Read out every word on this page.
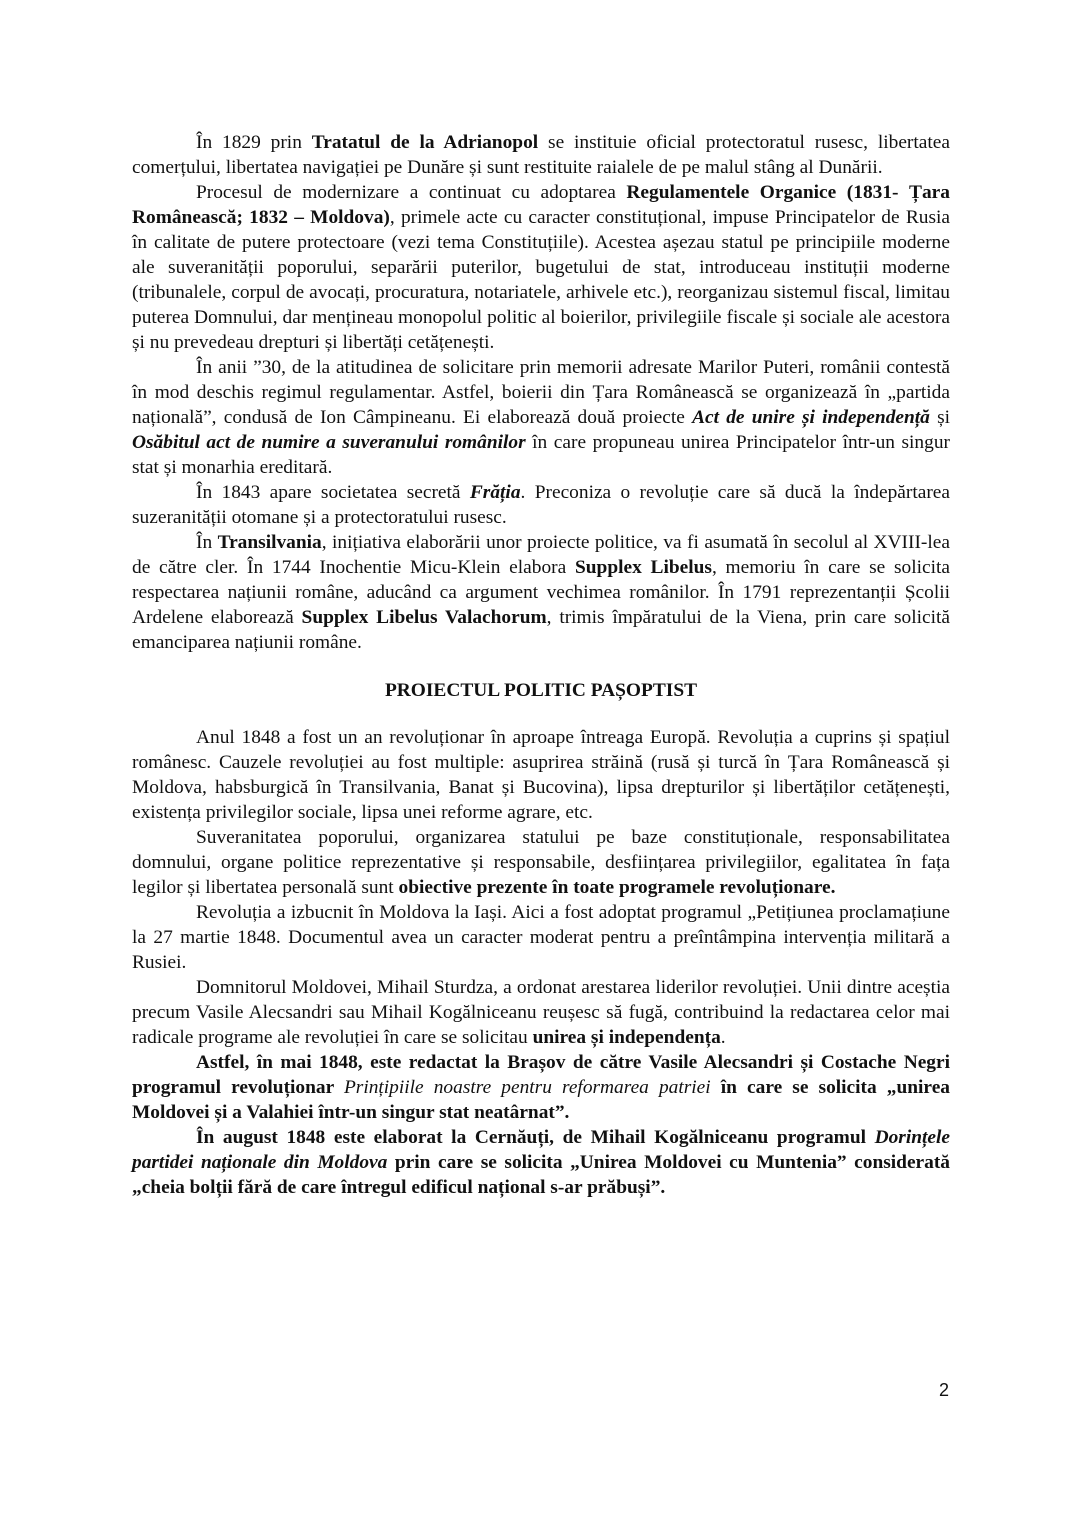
În 1829 prin Tratatul de la Adrianopol se instituie oficial protectoratul rusesc, libertatea comerțului, libertatea navigației pe Dunăre și sunt restituite raialele de pe malul stâng al Dunării.

Procesul de modernizare a continuat cu adoptarea Regulamentele Organice (1831- Țara Românească; 1832 – Moldova), primele acte cu caracter constituțional, impuse Principatelor de Rusia în calitate de putere protectoare (vezi tema Constituțiile). Acestea așezau statul pe principiile moderne ale suveranității poporului, separării puterilor, bugetului de stat, introduceau instituții moderne (tribunalele, corpul de avocați, procuratura, notariatele, arhivele etc.), reorganizau sistemul fiscal, limitau puterea Domnului, dar mențineau monopolul politic al boierilor, privilegiile fiscale și sociale ale acestora și nu prevedeau drepturi și libertăți cetățenești.

În anii ”30, de la atitudinea de solicitare prin memorii adresate Marilor Puteri, românii contestă în mod deschis regimul regulamentar. Astfel, boierii din Țara Românească se organizează în „partida națională”, condusă de Ion Câmpineanu. Ei elaborează două proiecte Act de unire și independență și Osăbitul act de numire a suveranului românilor în care propuneau unirea Principatelor într-un singur stat și monarhia ereditară.

În 1843 apare societatea secretă Frăția. Preconiza o revoluție care să ducă la îndepărtarea suzeranității otomane și a protectoratului rusesc.

În Transilvania, inițiativa elaborării unor proiecte politice, va fi asumată în secolul al XVIII-lea de către cler. În 1744 Inochentie Micu-Klein elabora Supplex Libelus, memoriu în care se solicita respectarea națiunii române, aducând ca argument vechimea românilor. În 1791 reprezentanții Școlii Ardelene elaborează Supplex Libelus Valachorum, trimis împăratului de la Viena, prin care solicită emanciparea națiunii române.

PROIECTUL POLITIC PAȘOPTIST

Anul 1848 a fost un an revoluționar în aproape întreaga Europă. Revoluția a cuprins și spațiul românesc. Cauzele revoluției au fost multiple: asuprirea străină (rusă și turcă în Țara Românească și Moldova, habsburgică în Transilvania, Banat și Bucovina), lipsa drepturilor și libertăților cetățenești, existența privilegilor sociale, lipsa unei reforme agrare, etc.

Suveranitatea poporului, organizarea statului pe baze constituționale, responsabilitatea domnului, organe politice reprezentative și responsabile, desființarea privilegiilor, egalitatea în fața legilor și libertatea personală sunt obiective prezente în toate programele revoluționare.

Revoluția a izbucnit în Moldova la Iași. Aici a fost adoptat programul „Petițiunea proclamațiune la 27 martie 1848. Documentul avea un caracter moderat pentru a preîntâmpina intervenția militară a Rusiei.

Domnitorul Moldovei, Mihail Sturdza, a ordonat arestarea liderilor revoluției. Unii dintre aceștia precum Vasile Alecsandri sau Mihail Kogălniceanu reușesc să fugă, contribuind la redactarea celor mai radicale programe ale revoluției în care se solicitau unirea și independența.

Astfel, în mai 1848, este redactat la Brașov de către Vasile Alecsandri și Costache Negri programul revoluționar Prințipiile noastre pentru reformarea patriei în care se solicita „unirea Moldovei și a Valahiei într-un singur stat neatârnat”.

În august 1848 este elaborat la Cernăuți, de Mihail Kogălniceanu programul Dorințele partidei naționale din Moldova prin care se solicita „Unirea Moldovei cu Muntenia” considerată „cheia bolții fără de care întregul edificul național s-ar prăbuși”.

2
